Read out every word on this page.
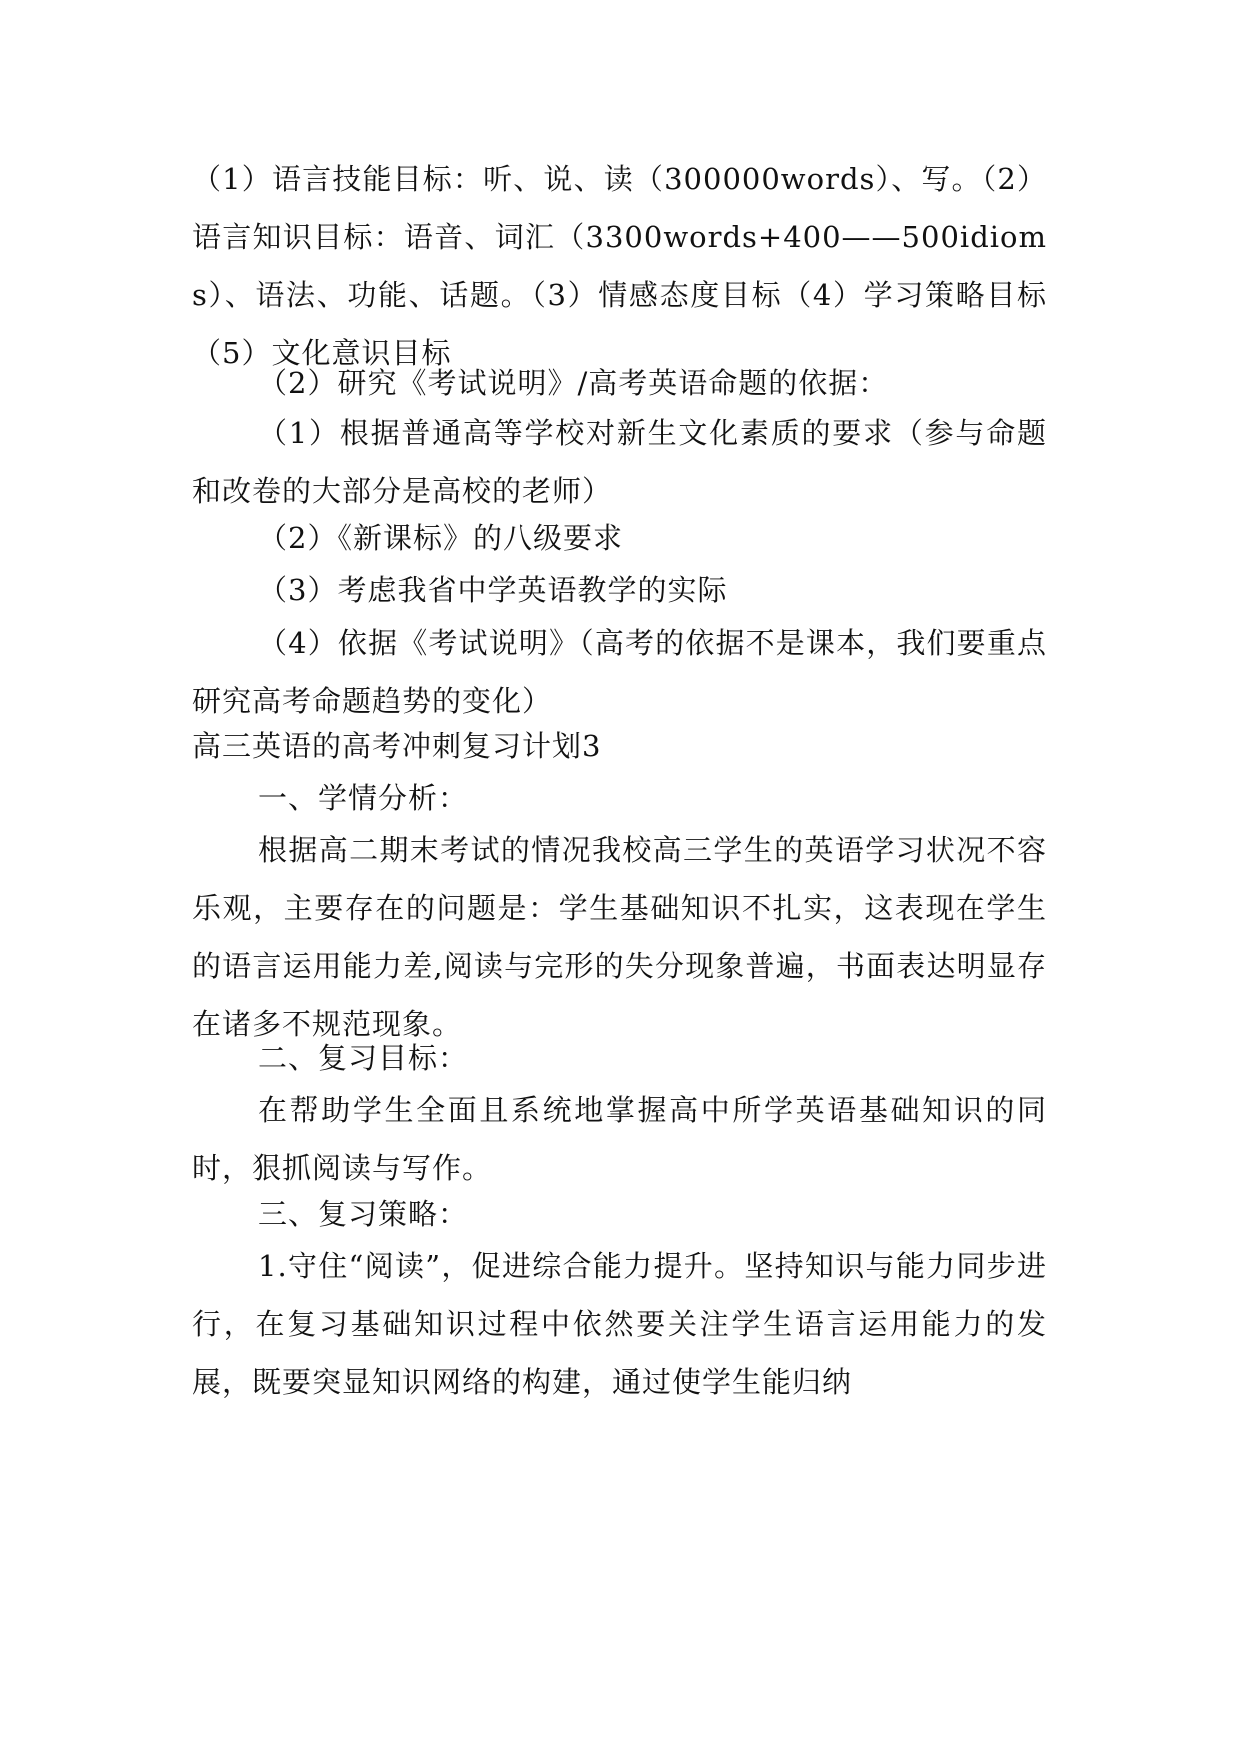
（1）语言技能目标：听、说、读（300000words）、写。（2）语言知识目标：语音、词汇（3300words+400——500idioms）、语法、功能、话题。（3）情感态度目标（4）学习策略目标（5）文化意识目标

（2）研究《考试说明》/高考英语命题的依据：

（1）根据普通高等学校对新生文化素质的要求（参与命题和改卷的大部分是高校的老师）

（2）《新课标》的八级要求

（3）考虑我省中学英语教学的实际

（4）依据《考试说明》（高考的依据不是课本，我们要重点研究高考命题趋势的变化）

高三英语的高考冲刺复习计划3

一、学情分析：

根据高二期末考试的情况我校高三学生的英语学习状况不容乐观，主要存在的问题是：学生基础知识不扎实，这表现在学生的语言运用能力差,阅读与完形的失分现象普遍，书面表达明显存在诸多不规范现象。

二、复习目标：

在帮助学生全面且系统地掌握高中所学英语基础知识的同时，狠抓阅读与写作。

三、复习策略：

1.守住“阅读”，促进综合能力提升。坚持知识与能力同步进行，在复习基础知识过程中依然要关注学生语言运用能力的发展，既要突显知识网络的构建，通过使学生能归纳
